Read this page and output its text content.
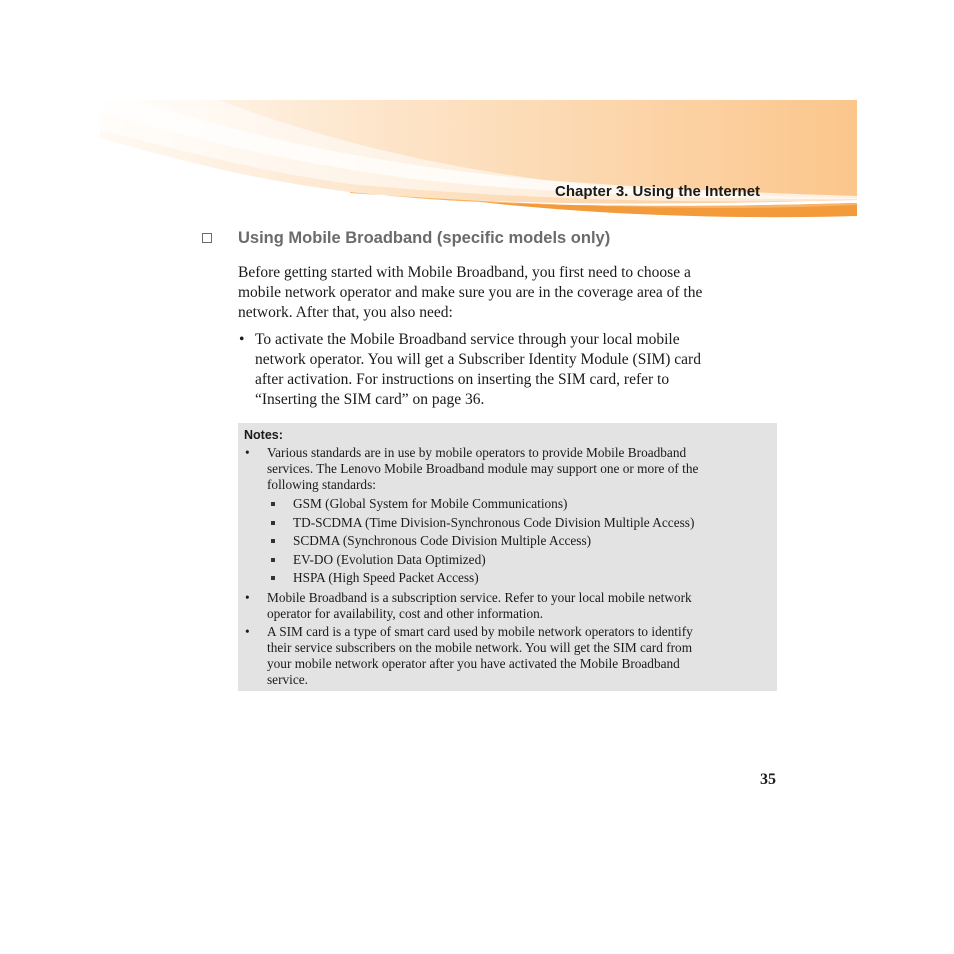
Chapter 3. Using the Internet
Using Mobile Broadband (specific models only)

Before getting started with Mobile Broadband, you first need to choose a
mobile network operator and make sure you are in the coverage area of the
network. After that, you also need:

• To activate the Mobile Broadband service through your local mobile
network operator. You will get a Subscriber Identity Module (SIM) card
after activation. For instructions on inserting the SIM card, refer to
“Inserting the SIM card” on page 36.
Notes:
• Various standards are in use by mobile operators to provide Mobile Broadband
services. The Lenovo Mobile Broadband module may support one or more of the
following standards:
GSM (Global System for Mobile Communications)
TD-SCDMA (Time Division-Synchronous Code Division Multiple Access)
SCDMA (Synchronous Code Division Multiple Access)
EV-DO (Evolution Data Optimized)
HSPA (High Speed Packet Access)
• Mobile Broadband is a subscription service. Refer to your local mobile network
operator for availability, cost and other information.
• A SIM card is a type of smart card used by mobile network operators to identify
their service subscribers on the mobile network. You will get the SIM card from
your mobile network operator after you have activated the Mobile Broadband
service.
35
